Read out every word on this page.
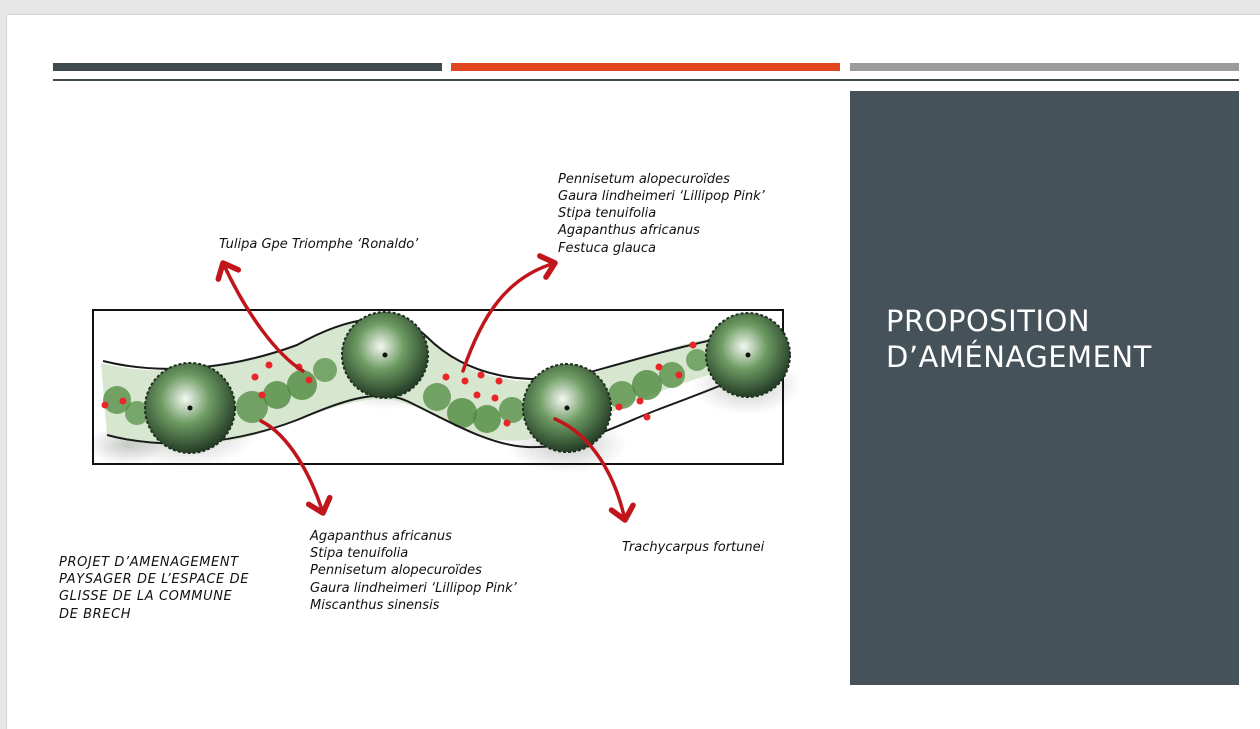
Tulipa Gpe Triomphe ‘Ronaldo’
Pennisetum alopecuroïdes
Gaura lindheimeri ‘Lillipop Pink’
Stipa tenuifolia
Agapanthus africanus
Festuca glauca
Agapanthus africanus
Stipa tenuifolia
Pennisetum alopecuroïdes
Gaura lindheimeri ‘Lillipop Pink’
Miscanthus sinensis
Trachycarpus fortunei
PROJET D’AMENAGEMENT
PAYSAGER DE L’ESPACE DE
GLISSE DE LA COMMUNE
DE BRECH
PROPOSITION
D’AMÉNAGEMENT
